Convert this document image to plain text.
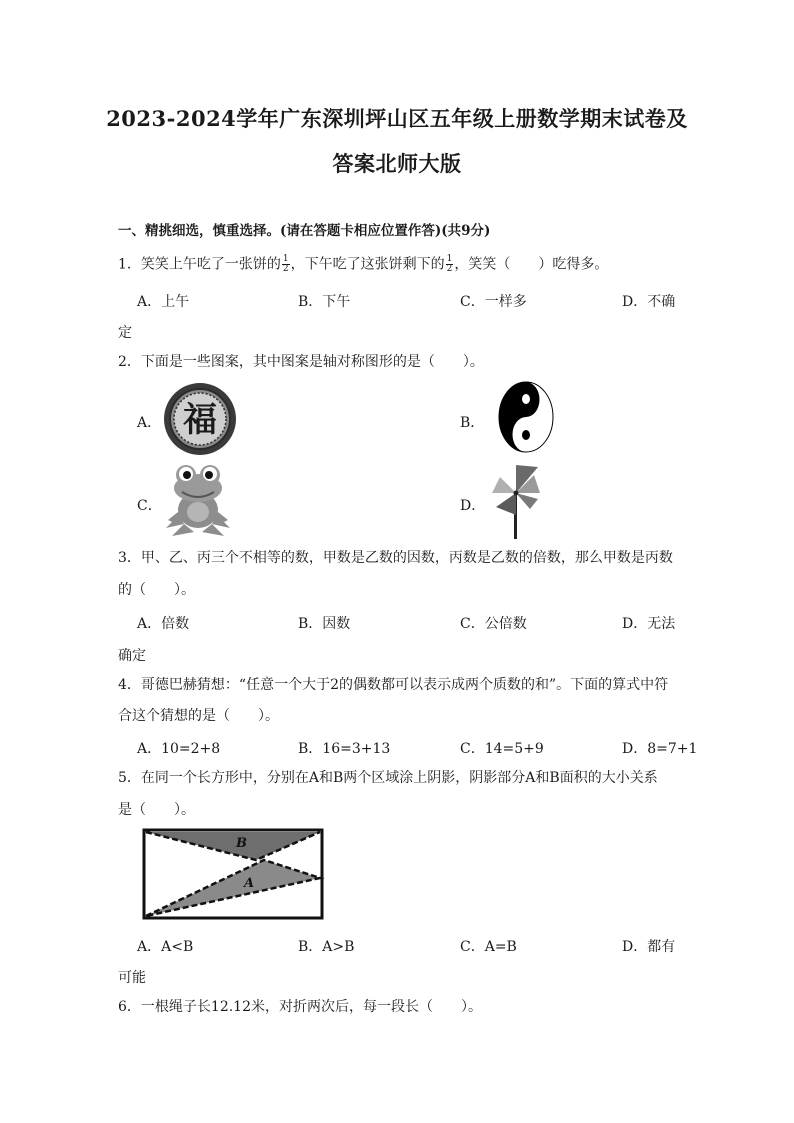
2023-2024学年广东深圳坪山区五年级上册数学期末试卷及
答案北师大版
一、精挑细选，慎重选择。(请在答题卡相应位置作答)(共9分)
1．笑笑上午吃了一张饼的 $\frac{1}{2}$ ，下午吃了这张饼剩下的 $\frac{1}{2}$ ，笑笑（　　）吃得多。
A．上午	B．下午	C．一样多	D．不确
定
2．下面是一些图案，其中图案是轴对称图形的是（　　）。
A． 福	B．
C．	D．
3．甲、乙、丙三个不相等的数，甲数是乙数的因数，丙数是乙数的倍数，那么甲数是丙数
的（　　）。
A．倍数	B．因数	C．公倍数	D．无法
确定
4．哥德巴赫猜想：“任意一个大于2的偶数都可以表示成两个质数的和”。下面的算式中符
合这个猜想的是（　　）。
A．10=2+8	B．16=3+13	C．14=5+9	D．8=7+1
5．在同一个长方形中，分别在A和B两个区域涂上阴影，阴影部分A和B面积的大小关系
是（　　）。
B
A
A．A<B	B．A>B	C．A=B	D．都有
可能
6．一根绳子长12.12米，对折两次后，每一段长（　　）。
